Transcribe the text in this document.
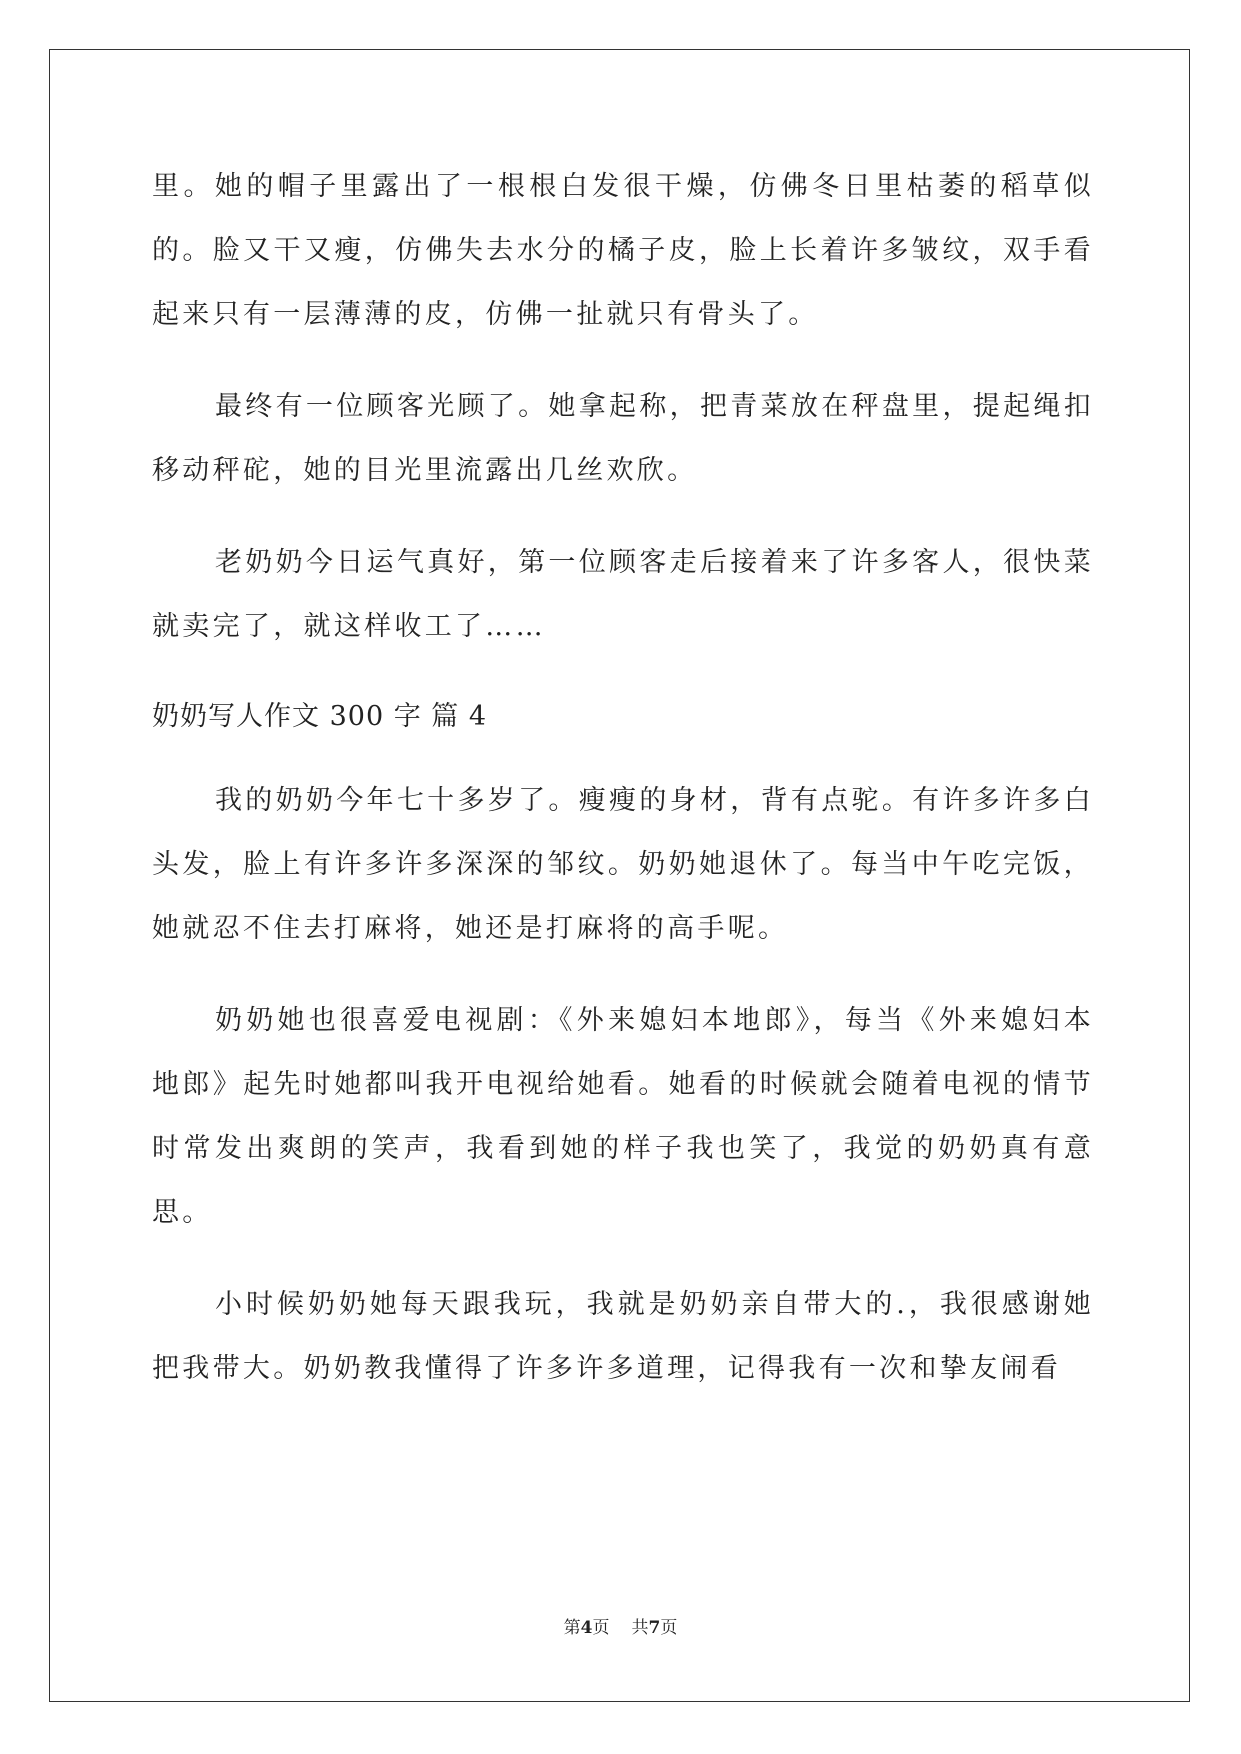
里。她的帽子里露出了一根根白发很干燥，仿佛冬日里枯萎的稻草似的。脸又干又瘦，仿佛失去水分的橘子皮，脸上长着许多皱纹，双手看起来只有一层薄薄的皮，仿佛一扯就只有骨头了。

最终有一位顾客光顾了。她拿起称，把青菜放在秤盘里，提起绳扣移动秤砣，她的目光里流露出几丝欢欣。

老奶奶今日运气真好，第一位顾客走后接着来了许多客人，很快菜就卖完了，就这样收工了……

奶奶写人作文 300 字 篇 4

我的奶奶今年七十多岁了。瘦瘦的身材，背有点驼。有许多许多白头发，脸上有许多许多深深的邹纹。奶奶她退休了。每当中午吃完饭，她就忍不住去打麻将，她还是打麻将的高手呢。

奶奶她也很喜爱电视剧：《外来媳妇本地郎》，每当《外来媳妇本地郎》起先时她都叫我开电视给她看。她看的时候就会随着电视的情节时常发出爽朗的笑声，我看到她的样子我也笑了，我觉的奶奶真有意思。

小时候奶奶她每天跟我玩，我就是奶奶亲自带大的.，我很感谢她把我带大。奶奶教我懂得了许多许多道理，记得我有一次和挚友闹看

第4页 共7页
